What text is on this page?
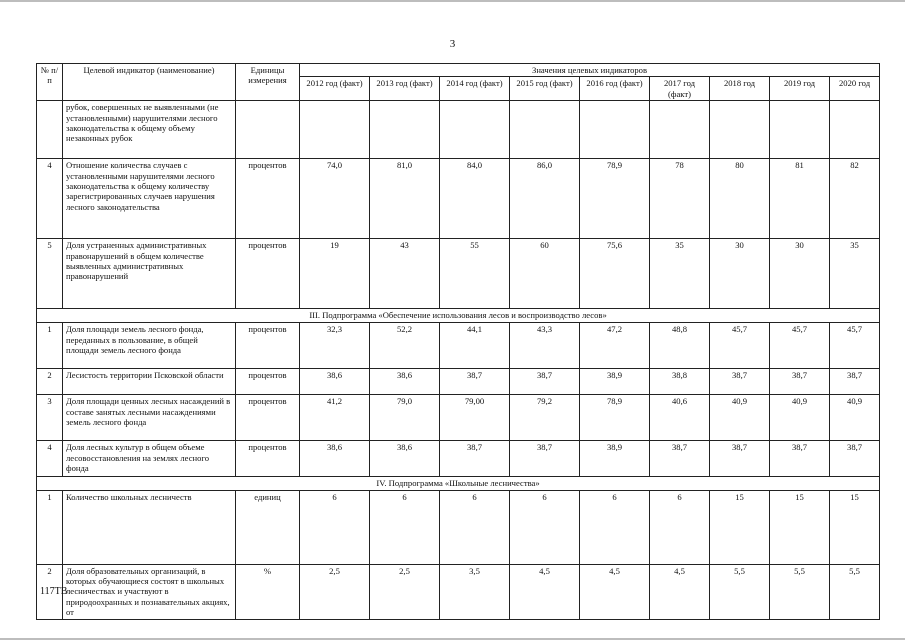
3
№ п/п	Целевой индикатор (наименование)	Единицы измерения	Значения целевых индикаторов								
			2012 год (факт)	2013 год (факт)	2014 год (факт)	2015 год (факт)	2016 год (факт)	2017 год (факт)	2018 год	2019 год	2020 год
	рубок, совершенных не выявленными (не установленными) нарушителями лесного законодательства к общему объему незаконных рубок										
4	Отношение количества случаев с установленными нарушителями лесного законодательства к общему количеству зарегистрированных случаев нарушения лесного законодательства	процентов	74,0	81,0	84,0	86,0	78,9	78	80	81	82
5	Доля устраненных административных правонарушений в общем количестве выявленных административных правонарушений	процентов	19	43	55	60	75,6	35	30	30	35
III. Подпрограмма «Обеспечение использования лесов и воспроизводство лесов»											
1	Доля площади земель лесного фонда, переданных в пользование, в общей площади земель лесного фонда	процентов	32,3	52,2	44,1	43,3	47,2	48,8	45,7	45,7	45,7
2	Лесистость территории Псковской области	процентов	38,6	38,6	38,7	38,7	38,9	38,8	38,7	38,7	38,7
3	Доля площади ценных лесных насаждений в составе занятых лесными насаждениями земель лесного фонда	процентов	41,2	79,0	79,00	79,2	78,9	40,6	40,9	40,9	40,9
4	Доля лесных культур в общем объеме лесовосстановления на землях лесного фонда	процентов	38,6	38,6	38,7	38,7	38,9	38,7	38,7	38,7	38,7
IV. Подпрограмма «Школьные лесничества»											
1	Количество школьных лесничеств	единиц	6	6	6	6	6	6	15	15	15
2	Доля образовательных организаций, в которых обучающиеся состоят в школьных лесничествах и участвуют в природоохранных и познавательных акциях, от	%	2,5	2,5	3,5	4,5	4,5	4,5	5,5	5,5	5,5
117ТВ
